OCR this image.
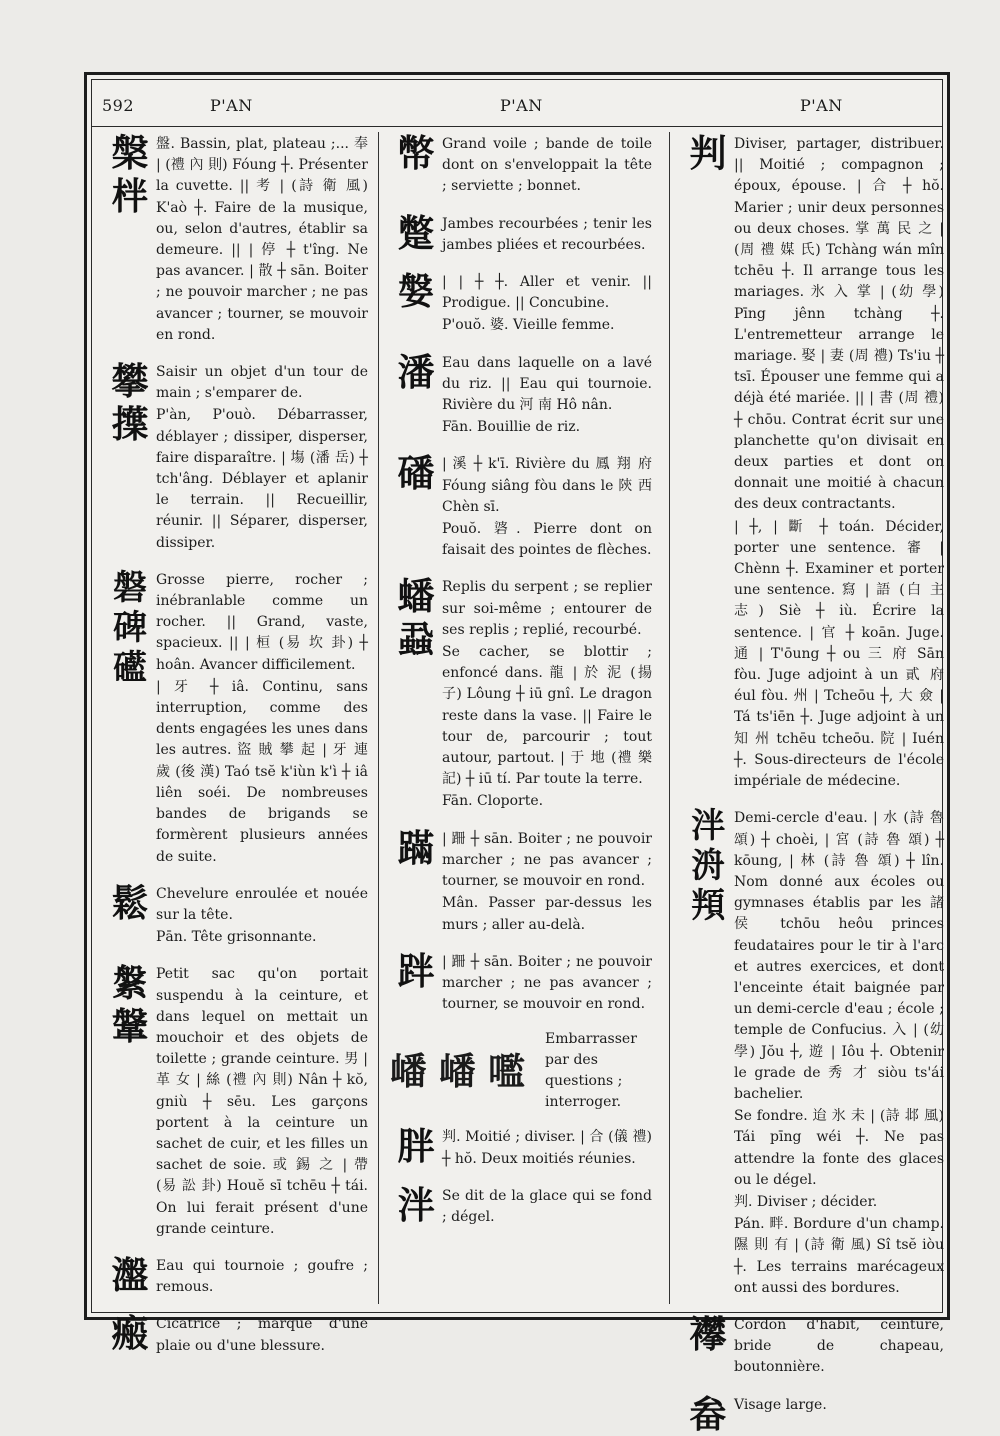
592	P'AN	P'AN	P'AN
槃
柈

盤. Bassin, plat, plateau ;... 奉 | (禮 內 則) Fóung ┼. Présenter la cuvette. || 考 | (詩 衛 風) K'aò ┼. Faire de la musique, ou, selon d'autres, établir sa demeure. || | 停 ┼ t'îng. Ne pas avancer. | 散 ┼ sān. Boiter ; ne pouvoir marcher ; ne pas avancer ; tourner, se mouvoir en rond.

攀
擛

Saisir un objet d'un tour de main ; s'emparer de.

P'àn, P'ouò. Débarrasser, déblayer ; dissiper, disperser, faire disparaître. | 塲 (潘 岳) ┼ tch'âng. Déblayer et aplanir le terrain. || Recueillir, réunir. || Séparer, disperser, dissiper.

磐
碑
礷

Grosse pierre, rocher ; inébranlable comme un rocher. || Grand, vaste, spacieux. || | 桓 (易 坎 卦) ┼ hoân. Avancer difficilement.

| 牙 ┼ iâ. Continu, sans interruption, comme des dents engagées les unes dans les autres. 盜 賊 攀 起 | 牙 連 歲 (後 漢) Taó tsĕ k'iùn k'ì ┼ iâ liên soéi. De nombreuses bandes de brigands se formèrent plusieurs années de suite.

鬆 Chevelure enroulée et nouée sur la tête.

Pān. Tête grisonnante.

縏
鞶

Petit sac qu'on portait suspendu à la ceinture, et dans lequel on mettait un mouchoir et des objets de toilette ; grande ceinture. 男 | 革 女 | 絲 (禮 內 則) Nân ┼ kŏ, gniù ┼ sēu. Les garçons portent à la ceinture un sachet de cuir, et les filles un sachet de soie. 或 錫 之 | 帶 (易 訟 卦) Houĕ sī tchēu ┼ tái. On lui ferait présent d'une grande ceinture.

瀊 Eau qui tournoie ; goufre ; remous.

瘢 Cicatrice ; marque d'une plaie ou d'une blessure.

幣 Grand voile ; bande de toile dont on s'enveloppait la tête ; serviette ; bonnet.

蹩 Jambes recourbées ; tenir les jambes pliées et recourbées.

媻 | | ┼ ┼. Aller et venir. || Prodigue. || Concubine.

P'ouŏ. 婆. Vieille femme.

潘 Eau dans laquelle on a lavé du riz. || Eau qui tournoie. Rivière du 河 南 Hô nân.

Fān. Bouillie de riz.

磻 | 溪 ┼ k'ī. Rivière du 鳳 翔 府 Fóung siâng fòu dans le 陝 西 Chèn sī.

Pouŏ. 碆. Pierre dont on faisait des pointes de flèches.

蟠
蝨

Replis du serpent ; se replier sur soi-même ; entourer de ses replis ; replié, recourbé.

Se cacher, se blottir ; enfoncé dans. 龍 | 於 泥 (揚 子) Lôung ┼ iū gnî. Le dragon reste dans la vase. || Faire le tour de, parcourir ; tout autour, partout. | 于 地 (禮 樂 記) ┼ iū tí. Par toute la terre.

Fān. Cloporte.

蹣 | 跚 ┼ sān. Boiter ; ne pouvoir marcher ; ne pas avancer ; tourner, se mouvoir en rond.

Mân. Passer par-dessus les murs ; aller au-delà.

跘 | 跚 ┼ sān. Boiter ; ne pouvoir marcher ; ne pas avancer ; tourner, se mouvoir en rond.

嶓 嶓 嚂
Embarrasser par des questions ; interroger.
胖 判. Moitié ; diviser. | 合 (儀 禮) ┼ hŏ. Deux moitiés réunies.

泮 Se dit de la glace qui se fond ; dégel.

判 Diviser, partager, distribuer. || Moitié ; compagnon ; époux, épouse. | 合 ┼ hŏ. Marier ; unir deux personnes ou deux choses. 掌 萬 民 之 | (周 禮 媒 氏) Tchàng wán mîn tchēu ┼. Il arrange tous les mariages. 氷 入 掌 | (幼 學) Pīng jênn tchàng ┼. L'entremetteur arrange le mariage. 娶 | 妻 (周 禮) Ts'iu ┼ tsī. Épouser une femme qui a déjà été mariée. || | 書 (周 禮) ┼ chōu. Contrat écrit sur une planchette qu'on divisait en deux parties et dont on donnait une moitié à chacun des deux contractants.

| ┼, | 斷 ┼ toán. Décider, porter une sentence. 審 | Chènn ┼. Examiner et porter une sentence. 寫 | 語 (白 主 志) Siè ┼ iù. Écrire la sentence. | 官 ┼ koān. Juge. 通 | T'ōung ┼ ou 三 府 Sān fòu. Juge adjoint à un 貳 府 éul fòu. 州 | Tcheōu ┼, 大 僉 | Tá ts'iēn ┼. Juge adjoint à un 知 州 tchēu tcheōu. 院 | Iuén ┼. Sous-directeurs de l'école impériale de médecine.

泮
洀
頖

Demi-cercle d'eau. | 水 (詩 魯 頌) ┼ choèi, | 宮 (詩 魯 頌) ┼ kōung, | 林 (詩 魯 頌) ┼ lîn. Nom donné aux écoles ou gymnases établis par les 諸 侯 tchōu heôu princes feudataires pour le tir à l'arc et autres exercices, et dont l'enceinte était baignée par un demi-cercle d'eau ; école ; temple de Confucius. 入 | (幼 學) Jŏu ┼, 遊 | Iôu ┼. Obtenir le grade de 秀 才 siòu ts'ái bachelier.

Se fondre. 迨 氷 未 | (詩 邶 風) Tái pīng wéi ┼. Ne pas attendre la fonte des glaces ou le dégel.

判. Diviser ; décider.

Pán. 畔. Bordure d'un champ. 隰 則 有 | (詩 衛 風) Sî tsĕ iòu ┼. Les terrains marécageux ont aussi des bordures.

襻 Cordon d'habit, ceinture, bride de chapeau, boutonnière.

畚 Visage large.
